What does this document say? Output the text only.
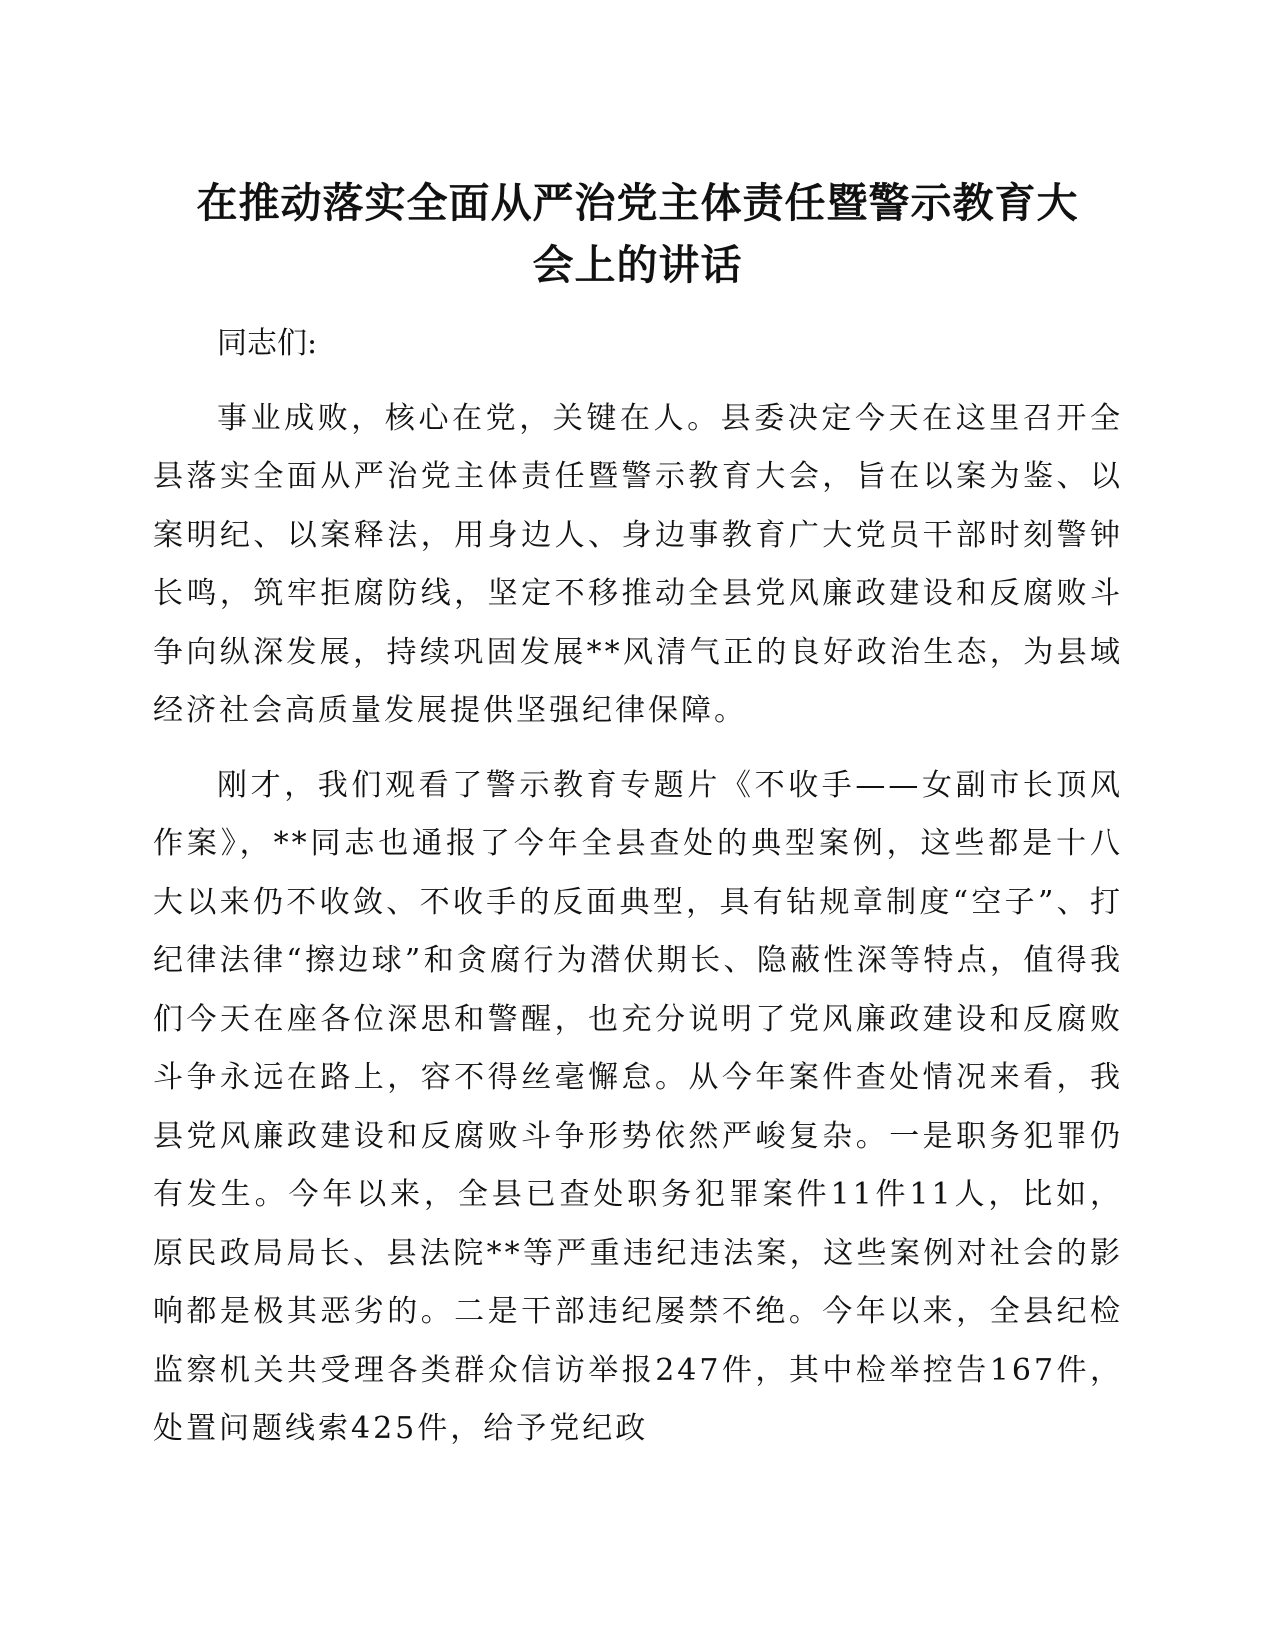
在推动落实全面从严治党主体责任暨警示教育大
会上的讲话

同志们:

事业成败，核心在党，关键在人。县委决定今天在这里召开全县落实全面从严治党主体责任暨警示教育大会，旨在以案为鉴、以案明纪、以案释法，用身边人、身边事教育广大党员干部时刻警钟长鸣，筑牢拒腐防线，坚定不移推动全县党风廉政建设和反腐败斗争向纵深发展，持续巩固发展**风清气正的良好政治生态，为县域经济社会高质量发展提供坚强纪律保障。

刚才，我们观看了警示教育专题片《不收手——女副市长顶风作案》，**同志也通报了今年全县查处的典型案例，这些都是十八大以来仍不收敛、不收手的反面典型，具有钻规章制度“空子”、打纪律法律“擦边球”和贪腐行为潜伏期长、隐蔽性深等特点，值得我们今天在座各位深思和警醒，也充分说明了党风廉政建设和反腐败斗争永远在路上，容不得丝毫懈怠。从今年案件查处情况来看，我县党风廉政建设和反腐败斗争形势依然严峻复杂。一是职务犯罪仍有发生。今年以来，全县已查处职务犯罪案件11件11人，比如，原民政局局长、县法院**等严重违纪违法案，这些案例对社会的影响都是极其恶劣的。二是干部违纪屡禁不绝。今年以来，全县纪检监察机关共受理各类群众信访举报247件，其中检举控告167件，处置问题线索425件，给予党纪政
